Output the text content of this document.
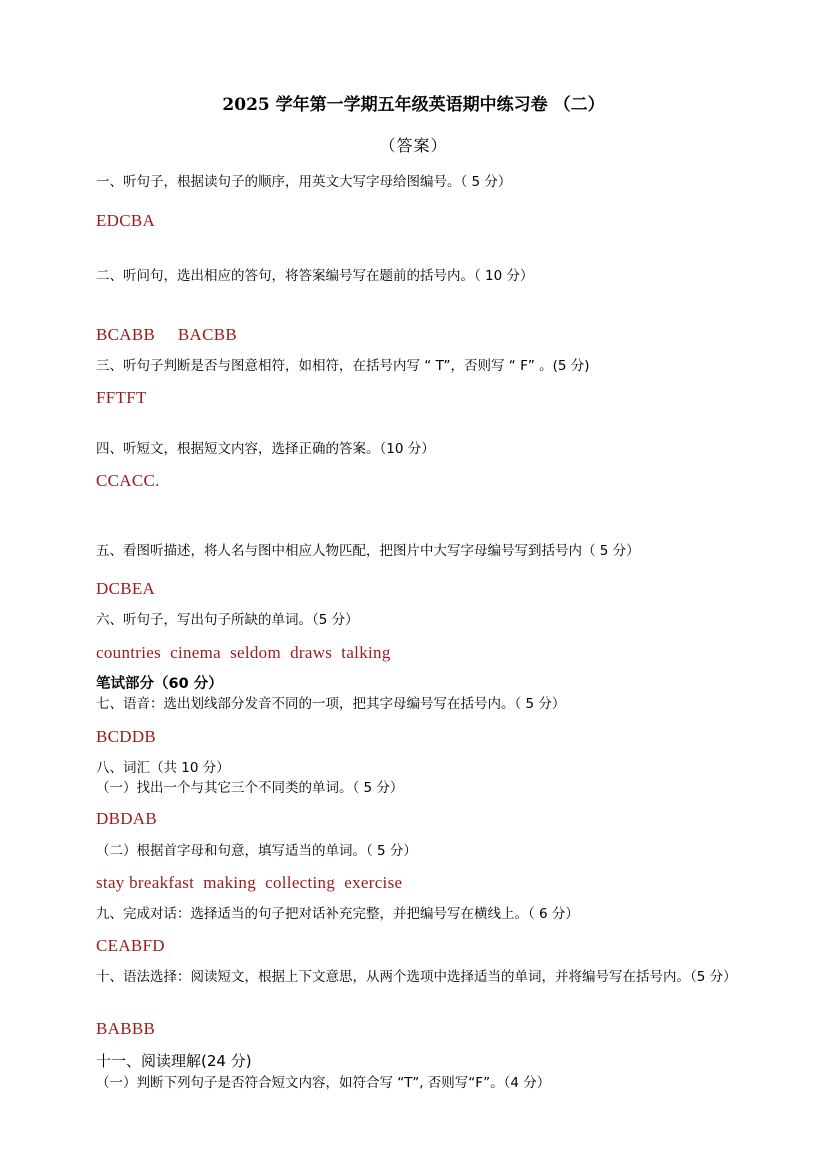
2025 学年第一学期五年级英语期中练习卷 （二）
（答案）
一、听句子，根据读句子的顺序，用英文大写字母给图编号。（ 5 分）
EDCBA
二、听问句，选出相应的答句，将答案编号写在题前的括号内。（ 10 分）
BCABB     BACBB
三、听句子判断是否与图意相符，如相符，在括号内写 “ T”，否则写 “ F” 。(5 分)
FFTFT
四、听短文，根据短文内容，选择正确的答案。（10 分）
CCACC.
五、看图听描述，将人名与图中相应人物匹配，把图片中大写字母编号写到括号内（ 5 分）
DCBEA
六、听句子，写出句子所缺的单词。（5 分）
countries  cinema  seldom  draws  talking
笔试部分（60 分）
七、语音：选出划线部分发音不同的一项，把其字母编号写在括号内。（ 5 分）
BCDDB
八、词汇（共 10 分）
（一）找出一个与其它三个不同类的单词。（ 5 分）
DBDAB
（二）根据首字母和句意，填写适当的单词。（ 5 分）
stay breakfast  making  collecting  exercise
九、完成对话：选择适当的句子把对话补充完整，并把编号写在横线上。（ 6 分）
CEABFD
十、语法选择：阅读短文，根据上下文意思，从两个选项中选择适当的单词，并将编号写在括号内。（5 分）
BABBB
十一、阅读理解(24 分)
（一）判断下列句子是否符合短文内容，如符合写 “T”, 否则写“F”。（4 分）
